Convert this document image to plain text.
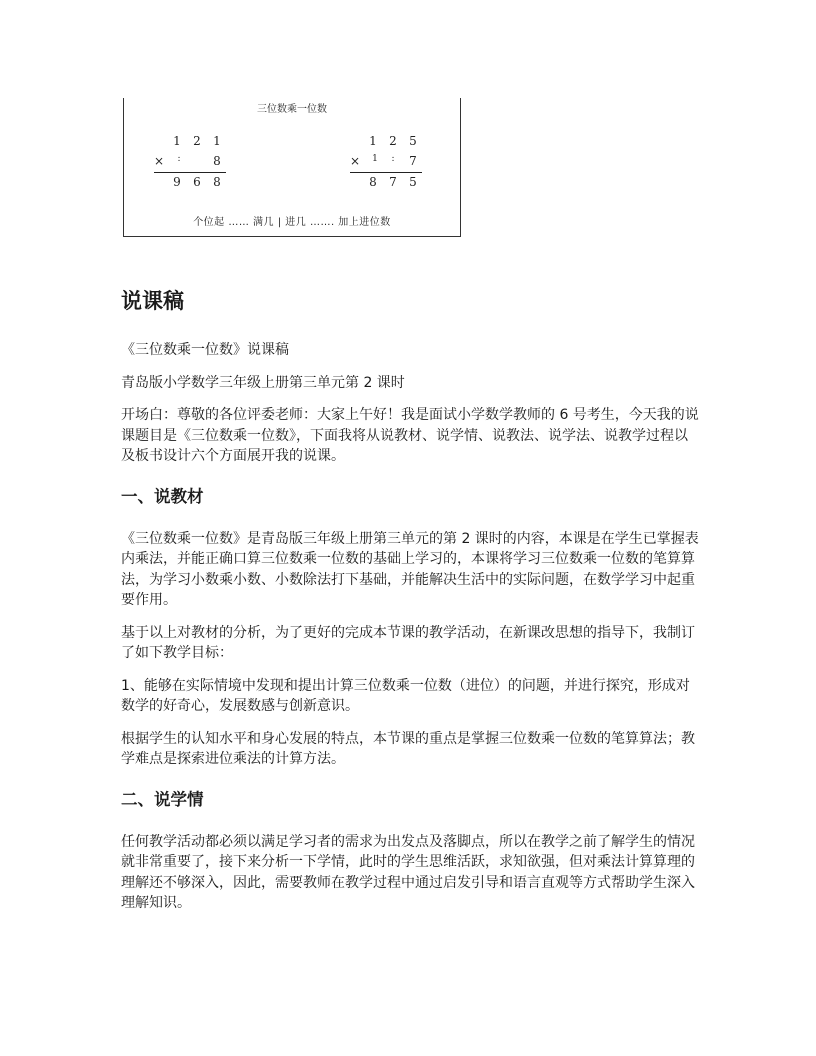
三位数乘一位数
1 2 1
×	:	8
9 6 8
1 2 5
×	1	:	7
8 7 5
个位起 …… 满几 | 进几 ……. 加上进位数
说课稿

《三位数乘一位数》说课稿

青岛版小学数学三年级上册第三单元第 2 课时

开场白：尊敬的各位评委老师：大家上午好！我是面试小学数学教师的 6 号考生，今天我的说课题目是《三位数乘一位数》，下面我将从说教材、说学情、说教法、说学法、说教学过程以及板书设计六个方面展开我的说课。

一、说教材

《三位数乘一位数》是青岛版三年级上册第三单元的第 2 课时的内容，本课是在学生已掌握表内乘法，并能正确口算三位数乘一位数的基础上学习的，本课将学习三位数乘一位数的笔算算法，为学习小数乘小数、小数除法打下基础，并能解决生活中的实际问题，在数学学习中起重要作用。

基于以上对教材的分析，为了更好的完成本节课的教学活动，在新课改思想的指导下，我制订了如下教学目标：

1、能够在实际情境中发现和提出计算三位数乘一位数（进位）的问题，并进行探究，形成对数学的好奇心，发展数感与创新意识。

根据学生的认知水平和身心发展的特点，本节课的重点是掌握三位数乘一位数的笔算算法；教学难点是探索进位乘法的计算方法。

二、说学情

任何教学活动都必须以满足学习者的需求为出发点及落脚点，所以在教学之前了解学生的情况就非常重要了，接下来分析一下学情，此时的学生思维活跃，求知欲强，但对乘法计算算理的理解还不够深入，因此，需要教师在教学过程中通过启发引导和语言直观等方式帮助学生深入理解知识。
